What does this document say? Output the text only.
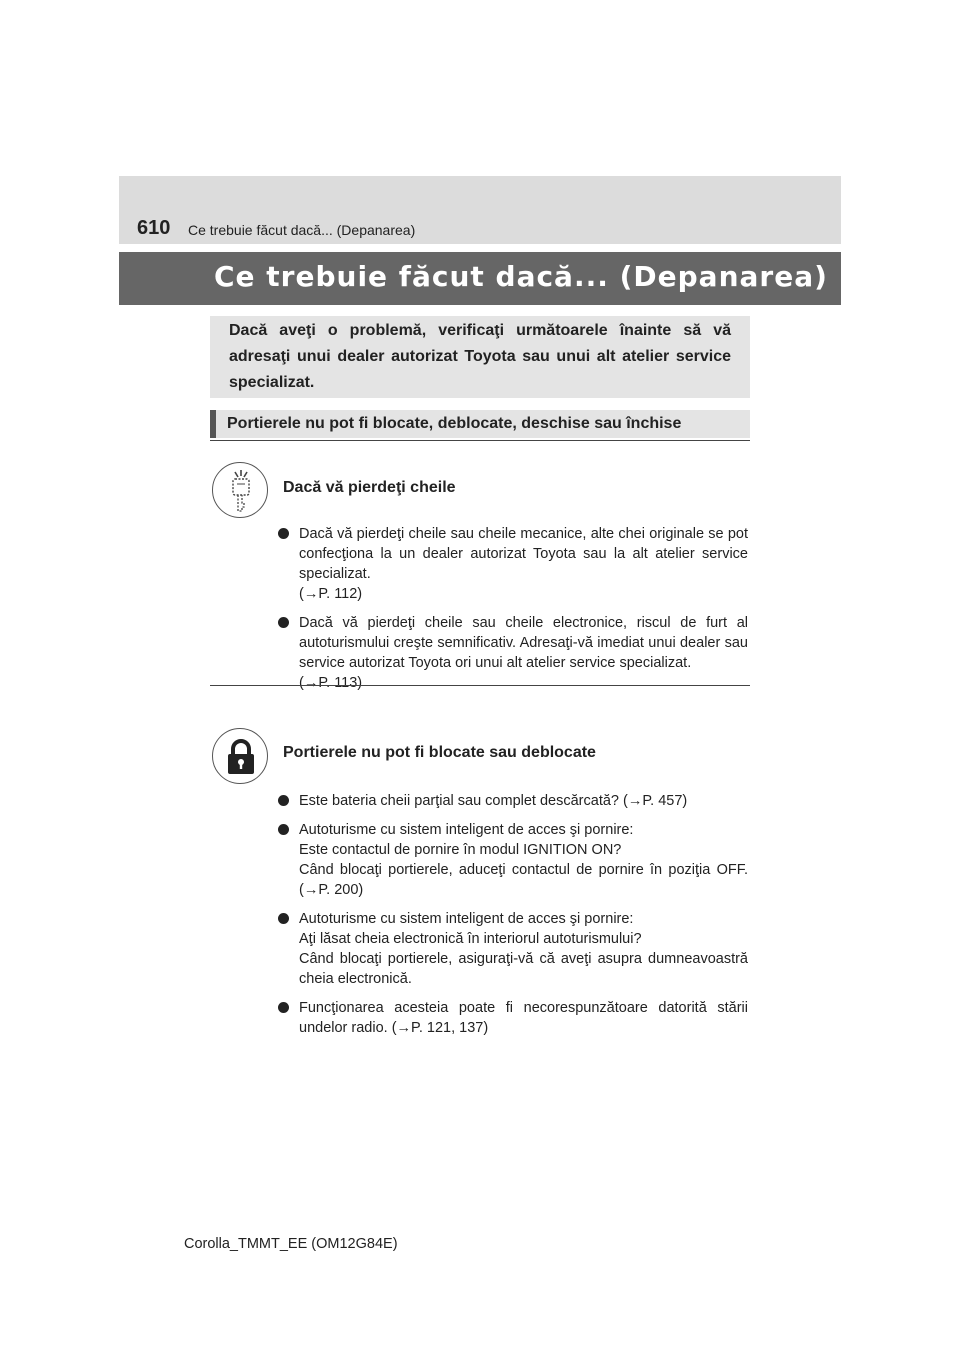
610 Ce trebuie făcut dacă... (Depanarea)
Ce trebuie făcut dacă... (Depanarea)
Dacă aveţi o problemă, verificaţi următoarele înainte să vă adresaţi unui dealer autorizat Toyota sau unui alt atelier service specializat.
Portierele nu pot fi blocate, deblocate, deschise sau închise
Dacă vă pierdeţi cheile
Dacă vă pierdeţi cheile sau cheile mecanice, alte chei originale se pot confecţiona la un dealer autorizat Toyota sau la alt atelier service specializat.
(→P. 112)
Dacă vă pierdeţi cheile sau cheile electronice, riscul de furt al autoturismului creşte semnificativ. Adresaţi-vă imediat unui dealer sau service autorizat Toyota ori unui alt atelier service specializat.
(→P. 113)
Portierele nu pot fi blocate sau deblocate
Este bateria cheii parţial sau complet descărcată? (→P. 457)
Autoturisme cu sistem inteligent de acces şi pornire:
Este contactul de pornire în modul IGNITION ON?
Când blocaţi portierele, aduceţi contactul de pornire în poziţia OFF. (→P. 200)
Autoturisme cu sistem inteligent de acces şi pornire:
Aţi lăsat cheia electronică în interiorul autoturismului?
Când blocaţi portierele, asiguraţi-vă că aveţi asupra dumneavoastră cheia electronică.
Funcţionarea acesteia poate fi necorespunzătoare datorită stării undelor radio. (→P. 121, 137)
Corolla_TMMT_EE (OM12G84E)
